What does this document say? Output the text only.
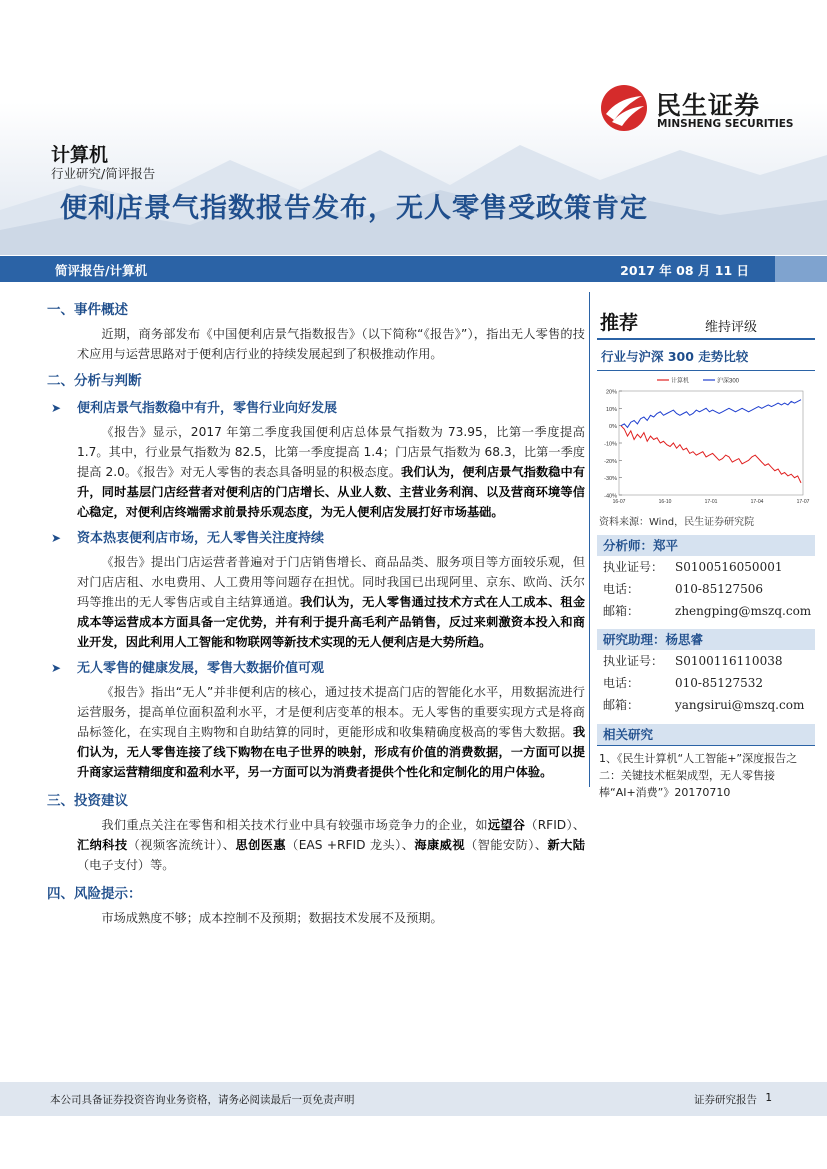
民生证券
MINSHENG SECURITIES
计算机
行业研究/简评报告
便利店景气指数报告发布，无人零售受政策肯定
简评报告/计算机	2017 年 08 月 11 日
一、事件概述
近期，商务部发布《中国便利店景气指数报告》（以下简称“《报告》”），指出无人零售的技术应用与运营思路对于便利店行业的持续发展起到了积极推动作用。
二、分析与判断
➤ 便利店景气指数稳中有升，零售行业向好发展
《报告》显示，2017 年第二季度我国便利店总体景气指数为 73.95，比第一季度提高 1.7。其中，行业景气指数为 82.5，比第一季度提高 1.4；门店景气指数为 68.3，比第一季度提高 2.0。《报告》对无人零售的表态具备明显的积极态度。我们认为，便利店景气指数稳中有升，同时基层门店经营者对便利店的门店增长、从业人数、主营业务利润、以及营商环境等信心稳定，对便利店终端需求前景持乐观态度，为无人便利店发展打好市场基础。
➤ 资本热衷便利店市场，无人零售关注度持续
《报告》提出门店运营者普遍对于门店销售增长、商品品类、服务项目等方面较乐观，但对门店店租、水电费用、人工费用等问题存在担忧。同时我国已出现阿里、京东、欧尚、沃尔玛等推出的无人零售店或自主结算通道。我们认为，无人零售通过技术方式在人工成本、租金成本等运营成本方面具备一定优势，并有利于提升高毛利产品销售，反过来刺激资本投入和商业开发，因此利用人工智能和物联网等新技术实现的无人便利店是大势所趋。
➤ 无人零售的健康发展，零售大数据价值可观
《报告》指出“无人”并非便利店的核心，通过技术提高门店的智能化水平，用数据流进行运营服务，提高单位面积盈利水平，才是便利店变革的根本。无人零售的重要实现方式是将商品标签化，在实现自主购物和自助结算的同时，更能形成和收集精确度极高的零售大数据。我们认为，无人零售连接了线下购物在电子世界的映射，形成有价值的消费数据，一方面可以提升商家运营精细度和盈利水平，另一方面可以为消费者提供个性化和定制化的用户体验。
三、投资建议
我们重点关注在零售和相关技术行业中具有较强市场竞争力的企业，如远望谷（RFID）、汇纳科技（视频客流统计）、思创医惠（EAS +RFID 龙头）、海康威视（智能安防）、新大陆（电子支付）等。
四、风险提示：
市场成熟度不够；成本控制不及预期；数据技术发展不及预期。
推荐	维持评级
行业与沪深 300 走势比较
20%
10%
0%
-10%
-20%
-30%
-40%
16-07	16-10	17-01	17-04	17-07
计算机	沪深300
资料来源：Wind，民生证券研究院
分析师：郑平
执业证号： S0100516050001
电话：	010-85127506
邮箱：	zhengping@mszq.com
研究助理：杨思睿
执业证号： S0100116110038
电话：	010-85127532
邮箱：	yangsirui@mszq.com
相关研究
1、《民生计算机“人工智能+”深度报告之二：关键技术框架成型，无人零售接棒“AI+消费”》20170710
本公司具备证券投资咨询业务资格，请务必阅读最后一页免责声明	证券研究报告 1
